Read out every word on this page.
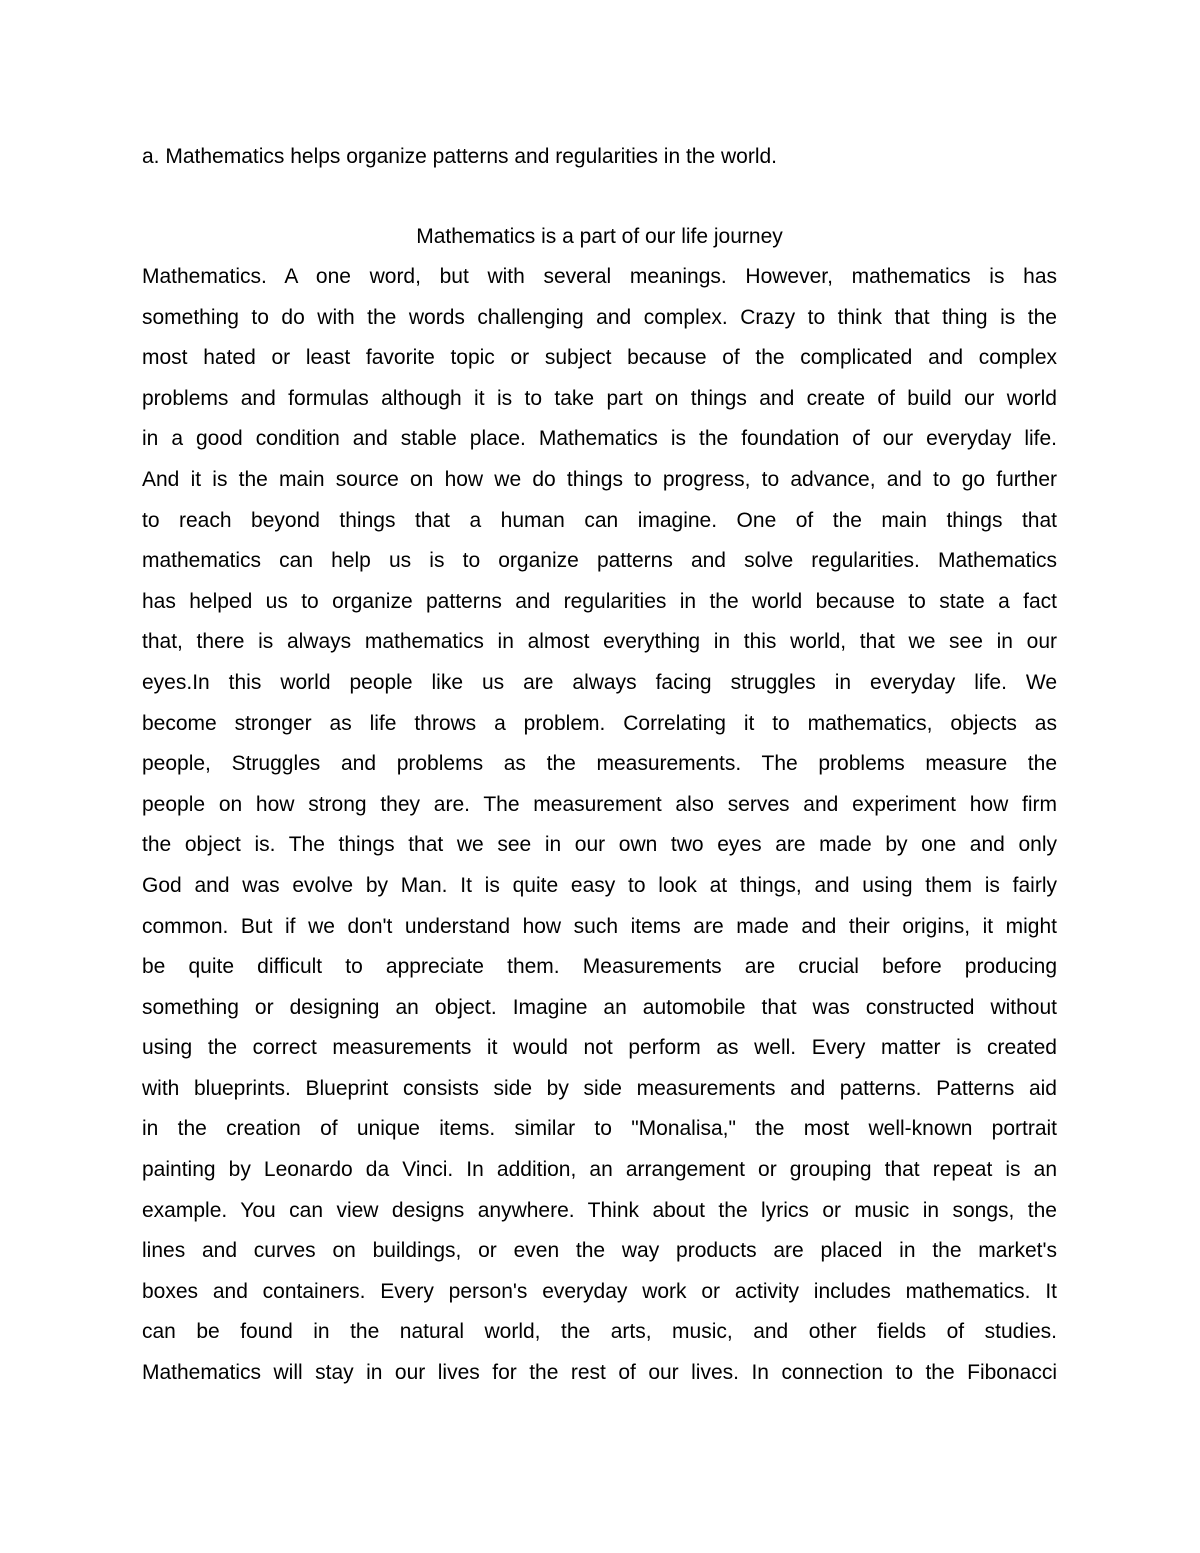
a. Mathematics helps organize patterns and regularities in the world.
Mathematics is a part of our life journey
Mathematics. A one word, but with several meanings. However, mathematics is has
something to do with the words challenging and complex. Crazy to think that thing is the
most hated or least favorite topic or subject because of the complicated and complex
problems and formulas although it is to take part on things and create of build our world
in a good condition and stable place. Mathematics is the foundation of our everyday life.
And it is the main source on how we do things to progress, to advance, and to go further
to reach beyond things that a human can imagine. One of the main things that
mathematics can help us is to organize patterns and solve regularities. Mathematics
has helped us to organize patterns and regularities in the world because to state a fact
that, there is always mathematics in almost everything in this world, that we see in our
eyes.In this world people like us are always facing struggles in everyday life. We
become stronger as life throws a problem. Correlating it to mathematics, objects as
people, Struggles and problems as the measurements. The problems measure the
people on how strong they are. The measurement also serves and experiment how firm
the object is. The things that we see in our own two eyes are made by one and only
God and was evolve by Man. It is quite easy to look at things, and using them is fairly
common. But if we don't understand how such items are made and their origins, it might
be quite difficult to appreciate them. Measurements are crucial before producing
something or designing an object. Imagine an automobile that was constructed without
using the correct measurements it would not perform as well. Every matter is created
with blueprints. Blueprint consists side by side measurements and patterns. Patterns aid
in the creation of unique items. similar to "Monalisa," the most well-known portrait
painting by Leonardo da Vinci. In addition, an arrangement or grouping that repeat is an
example. You can view designs anywhere. Think about the lyrics or music in songs, the
lines and curves on buildings, or even the way products are placed in the market's
boxes and containers. Every person's everyday work or activity includes mathematics. It
can be found in the natural world, the arts, music, and other fields of studies.
Mathematics will stay in our lives for the rest of our lives. In connection to the Fibonacci
